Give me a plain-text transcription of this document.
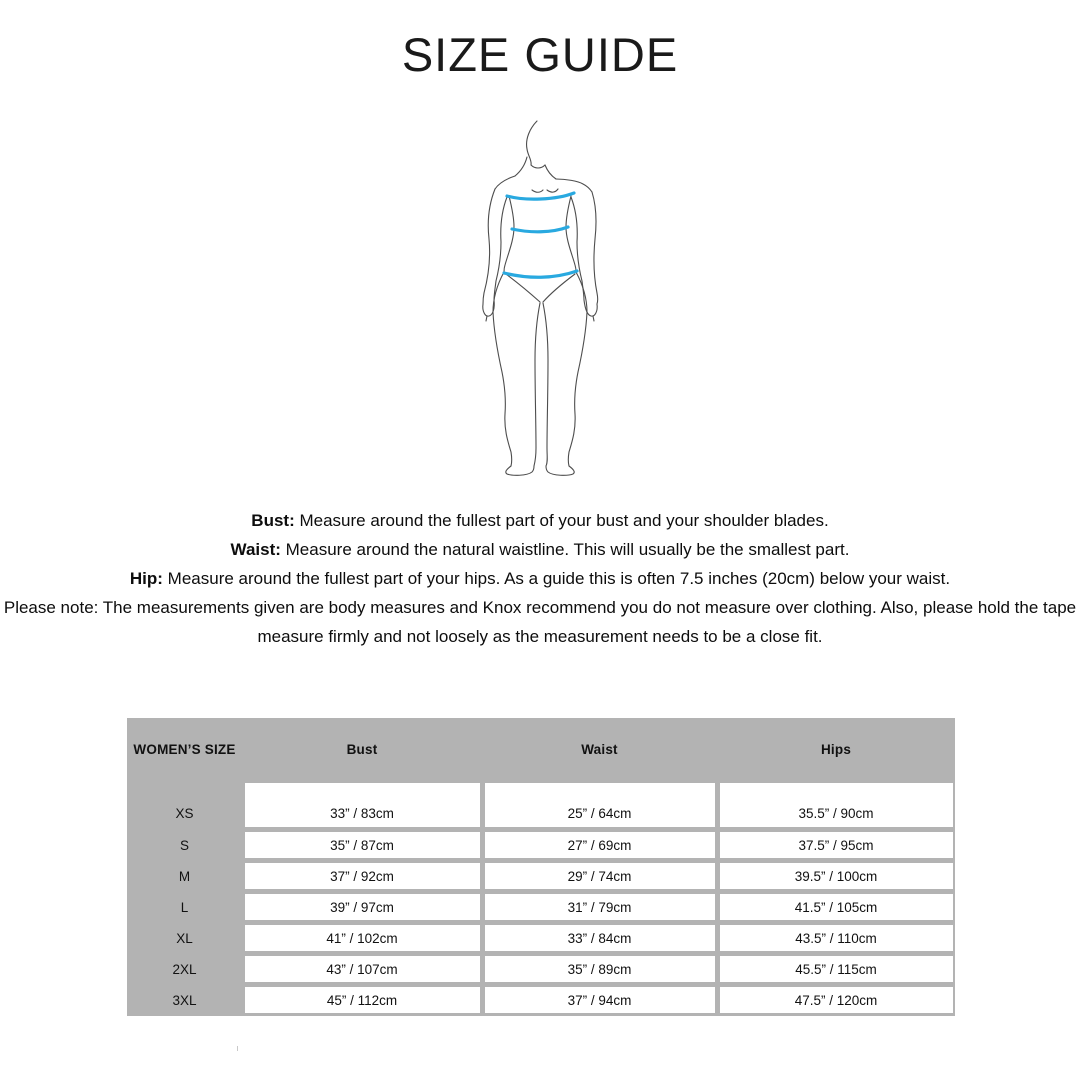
SIZE GUIDE
Bust: Measure around the fullest part of your bust and your shoulder blades.
Waist: Measure around the natural waistline. This will usually be the smallest part.
Hip: Measure around the fullest part of your hips. As a guide this is often 7.5 inches (20cm) below your waist.
Please note: The measurements given are body measures and Knox recommend you do not measure over clothing. Also, please hold the tape
measure firmly and not loosely as the measurement needs to be a close fit.
WOMEN’S SIZE	Bust	Waist	Hips
XS	33” / 83cm	25” / 64cm	35.5” / 90cm
S	35” / 87cm	27” / 69cm	37.5” / 95cm
M	37” / 92cm	29” / 74cm	39.5” / 100cm
L	39” / 97cm	31” / 79cm	41.5” / 105cm
XL	41” / 102cm	33” / 84cm	43.5” / 110cm
2XL	43” / 107cm	35” / 89cm	45.5” / 115cm
3XL	45” / 112cm	37” / 94cm	47.5” / 120cm
